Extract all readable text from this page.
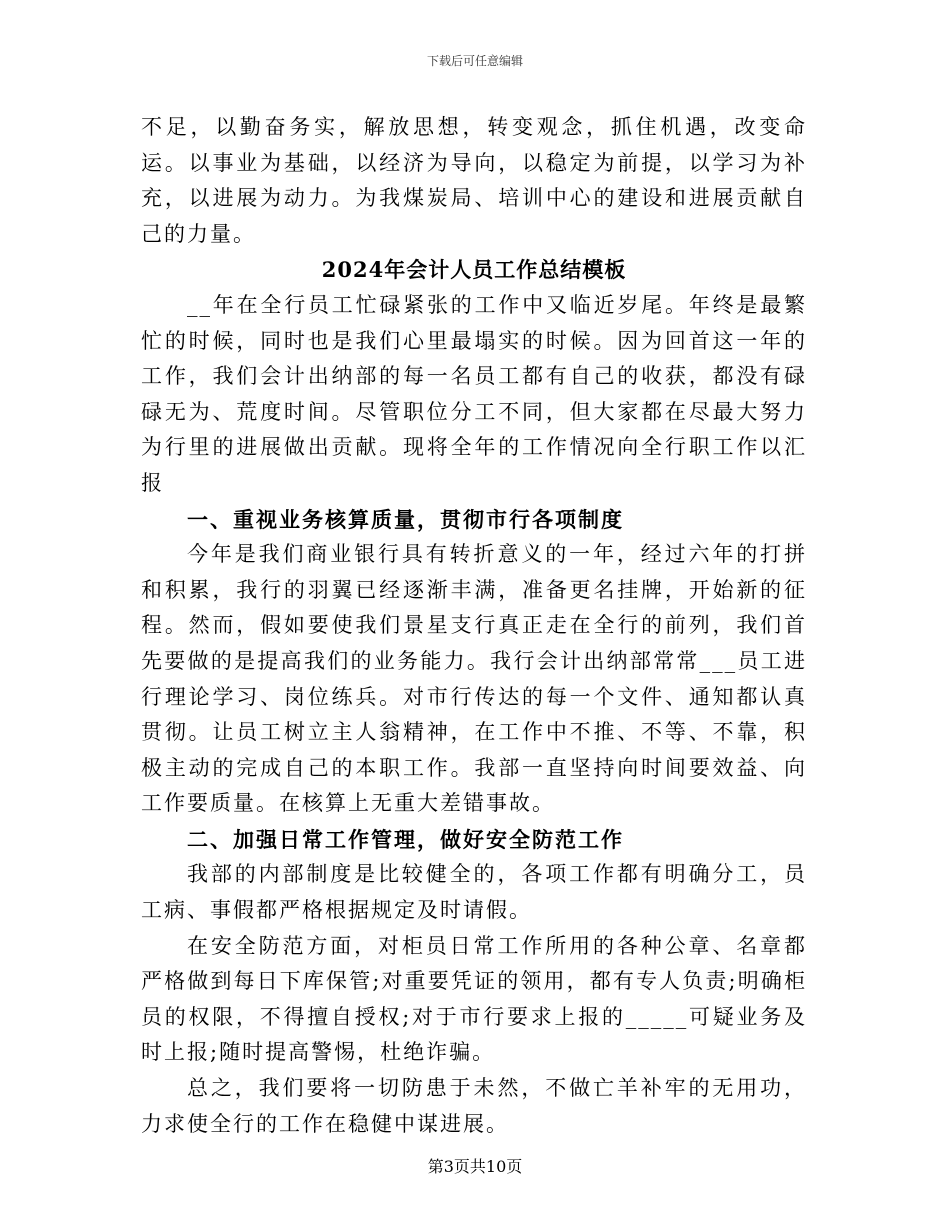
下载后可任意编辑

不足，以勤奋务实，解放思想，转变观念，抓住机遇，改变命运。以事业为基础，以经济为导向，以稳定为前提，以学习为补充，以进展为动力。为我煤炭局、培训中心的建设和进展贡献自己的力量。

2024年会计人员工作总结模板

__年在全行员工忙碌紧张的工作中又临近岁尾。年终是最繁忙的时候，同时也是我们心里最塌实的时候。因为回首这一年的工作，我们会计出纳部的每一名员工都有自己的收获，都没有碌碌无为、荒度时间。尽管职位分工不同，但大家都在尽最大努力为行里的进展做出贡献。现将全年的工作情况向全行职工作以汇报

一、重视业务核算质量，贯彻市行各项制度

今年是我们商业银行具有转折意义的一年，经过六年的打拼和积累，我行的羽翼已经逐渐丰满，准备更名挂牌，开始新的征程。然而，假如要使我们景星支行真正走在全行的前列，我们首先要做的是提高我们的业务能力。我行会计出纳部常常___员工进行理论学习、岗位练兵。对市行传达的每一个文件、通知都认真贯彻。让员工树立主人翁精神，在工作中不推、不等、不靠，积极主动的完成自己的本职工作。我部一直坚持向时间要效益、向工作要质量。在核算上无重大差错事故。

二、加强日常工作管理，做好安全防范工作

我部的内部制度是比较健全的，各项工作都有明确分工，员工病、事假都严格根据规定及时请假。

在安全防范方面，对柜员日常工作所用的各种公章、名章都严格做到每日下库保管;对重要凭证的领用，都有专人负责;明确柜员的权限，不得擅自授权;对于市行要求上报的_____可疑业务及时上报;随时提高警惕，杜绝诈骗。

总之，我们要将一切防患于未然，不做亡羊补牢的无用功，力求使全行的工作在稳健中谋进展。

第3页共10页
